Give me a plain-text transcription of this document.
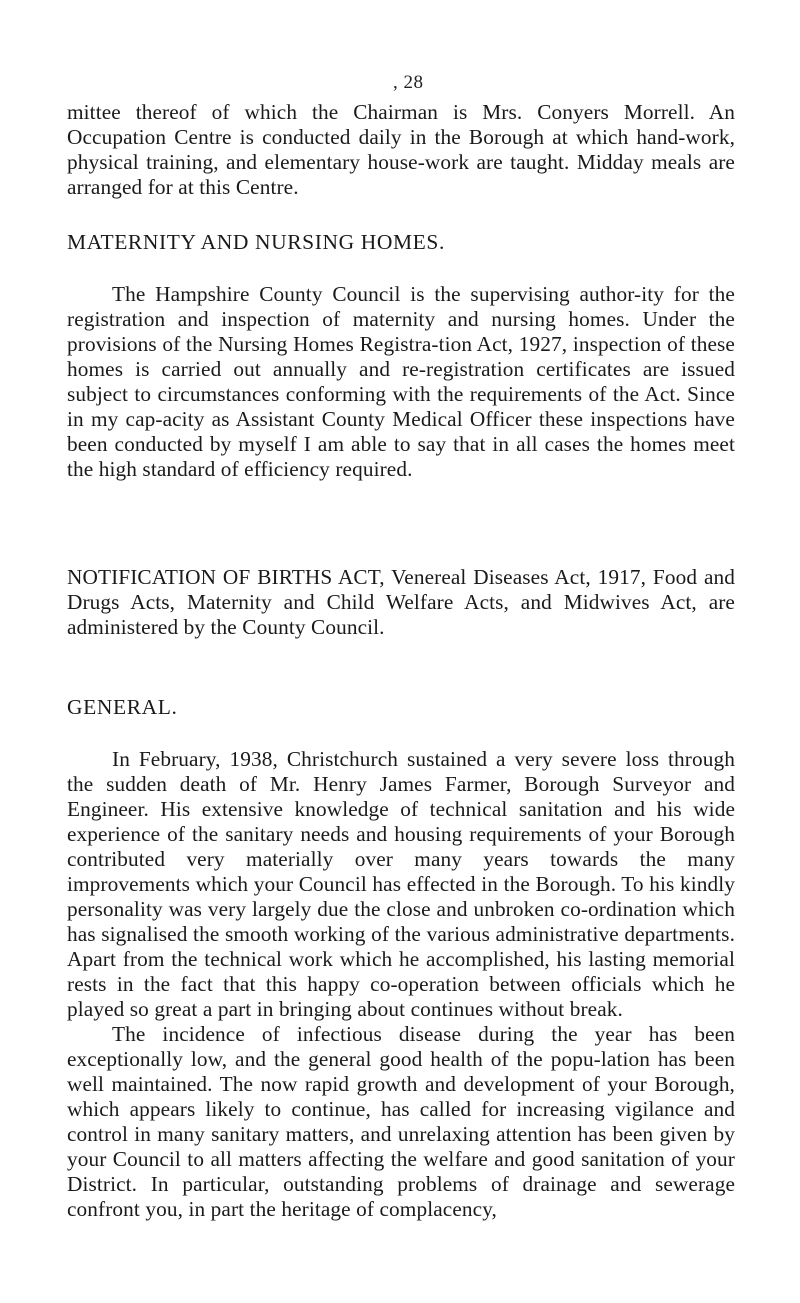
, 28

mittee thereof of which the Chairman is Mrs. Conyers Morrell. An Occupation Centre is conducted daily in the Borough at which hand-work, physical training, and elementary house-work are taught. Midday meals are arranged for at this Centre.

MATERNITY AND NURSING HOMES.

The Hampshire County Council is the supervising author-ity for the registration and inspection of maternity and nursing homes. Under the provisions of the Nursing Homes Registra-tion Act, 1927, inspection of these homes is carried out annually and re-registration certificates are issued subject to circumstances conforming with the requirements of the Act. Since in my cap-acity as Assistant County Medical Officer these inspections have been conducted by myself I am able to say that in all cases the homes meet the high standard of efficiency required.

NOTIFICATION OF BIRTHS ACT, Venereal Diseases Act, 1917, Food and Drugs Acts, Maternity and Child Welfare Acts, and Midwives Act, are administered by the County Council.

GENERAL.

In February, 1938, Christchurch sustained a very severe loss through the sudden death of Mr. Henry James Farmer, Borough Surveyor and Engineer. His extensive knowledge of technical sanitation and his wide experience of the sanitary needs and housing requirements of your Borough contributed very materially over many years towards the many improvements which your Council has effected in the Borough. To his kindly personality was very largely due the close and unbroken co-ordination which has signalised the smooth working of the various administrative departments. Apart from the technical work which he accomplished, his lasting memorial rests in the fact that this happy co-operation between officials which he played so great a part in bringing about continues without break.

The incidence of infectious disease during the year has been exceptionally low, and the general good health of the popu-lation has been well maintained. The now rapid growth and development of your Borough, which appears likely to continue, has called for increasing vigilance and control in many sanitary matters, and unrelaxing attention has been given by your Council to all matters affecting the welfare and good sanitation of your District. In particular, outstanding problems of drainage and sewerage confront you, in part the heritage of complacency,
